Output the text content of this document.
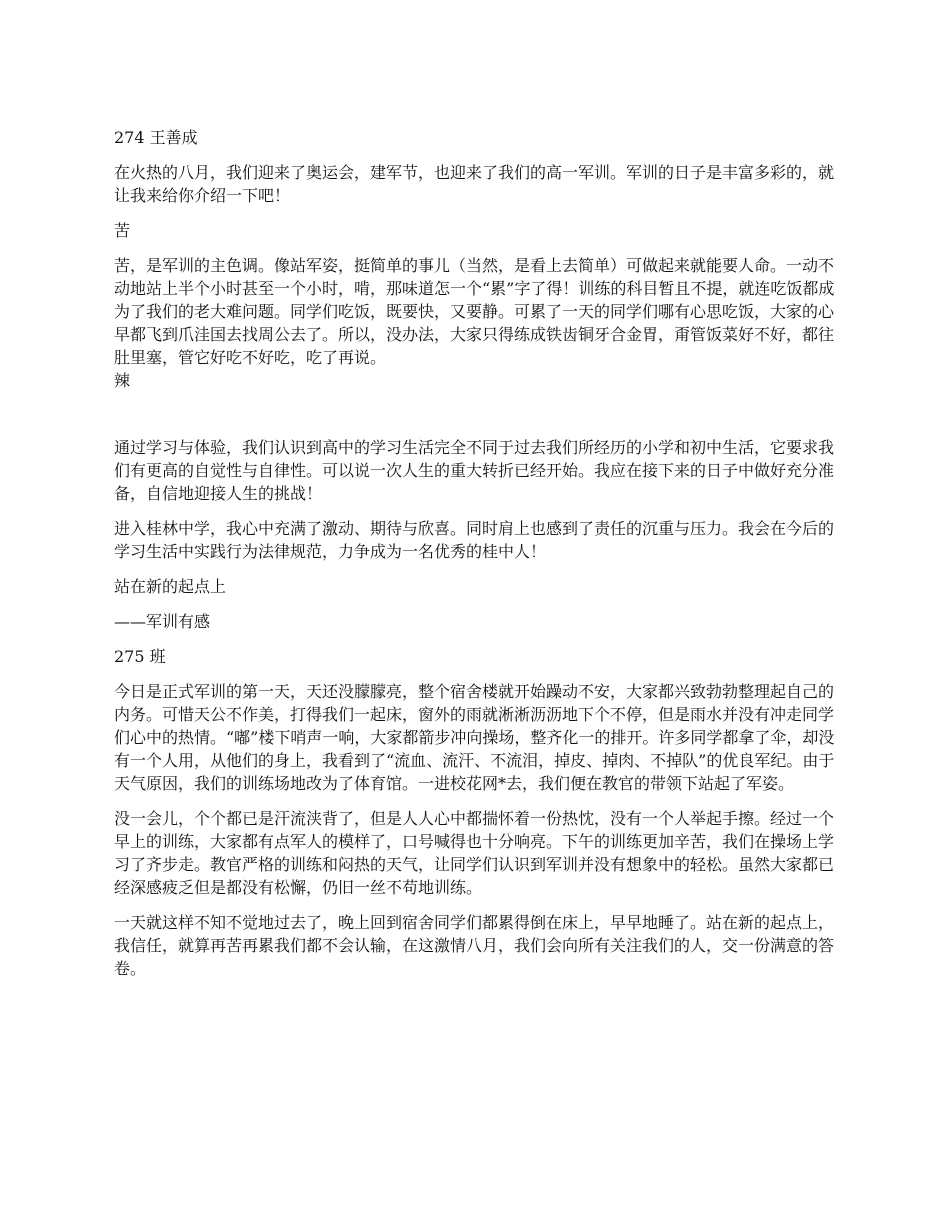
274 王善成

在火热的八月，我们迎来了奥运会，建军节，也迎来了我们的高一军训。军训的日子是丰富多彩的，就让我来给你介绍一下吧！

苦

苦，是军训的主色调。像站军姿，挺简单的事儿（当然，是看上去简单）可做起来就能要人命。一动不动地站上半个小时甚至一个小时，啃，那味道怎一个“累”字了得！训练的科目暂且不提，就连吃饭都成为了我们的老大难问题。同学们吃饭，既要快，又要静。可累了一天的同学们哪有心思吃饭，大家的心早都飞到爪洼国去找周公去了。所以，没办法，大家只得练成铁齿铜牙合金胃，甭管饭菜好不好，都往肚里塞，管它好吃不好吃，吃了再说。

辣

通过学习与体验，我们认识到高中的学习生活完全不同于过去我们所经历的小学和初中生活，它要求我们有更高的自觉性与自律性。可以说一次人生的重大转折已经开始。我应在接下来的日子中做好充分准备，自信地迎接人生的挑战！

进入桂林中学，我心中充满了激动、期待与欣喜。同时肩上也感到了责任的沉重与压力。我会在今后的学习生活中实践行为法律规范，力争成为一名优秀的桂中人！

站在新的起点上

——军训有感

275 班

今日是正式军训的第一天，天还没朦朦亮，整个宿舍楼就开始躁动不安，大家都兴致勃勃整理起自己的内务。可惜天公不作美，打得我们一起床，窗外的雨就淅淅沥沥地下个不停，但是雨水并没有冲走同学们心中的热情。“嘟”楼下哨声一响，大家都箭步冲向操场，整齐化一的排开。许多同学都拿了伞，却没有一个人用，从他们的身上，我看到了“流血、流汗、不流泪，掉皮、掉肉、不掉队”的优良军纪。由于天气原因，我们的训练场地改为了体育馆。一进校花网*去，我们便在教官的带领下站起了军姿。

没一会儿，个个都已是汗流浃背了，但是人人心中都揣怀着一份热忱，没有一个人举起手擦。经过一个早上的训练，大家都有点军人的模样了，口号喊得也十分响亮。下午的训练更加辛苦，我们在操场上学习了齐步走。教官严格的训练和闷热的天气，让同学们认识到军训并没有想象中的轻松。虽然大家都已经深感疲乏但是都没有松懈，仍旧一丝不苟地训练。

一天就这样不知不觉地过去了，晚上回到宿舍同学们都累得倒在床上，早早地睡了。站在新的起点上，我信任，就算再苦再累我们都不会认输，在这激情八月，我们会向所有关注我们的人，交一份满意的答卷。
